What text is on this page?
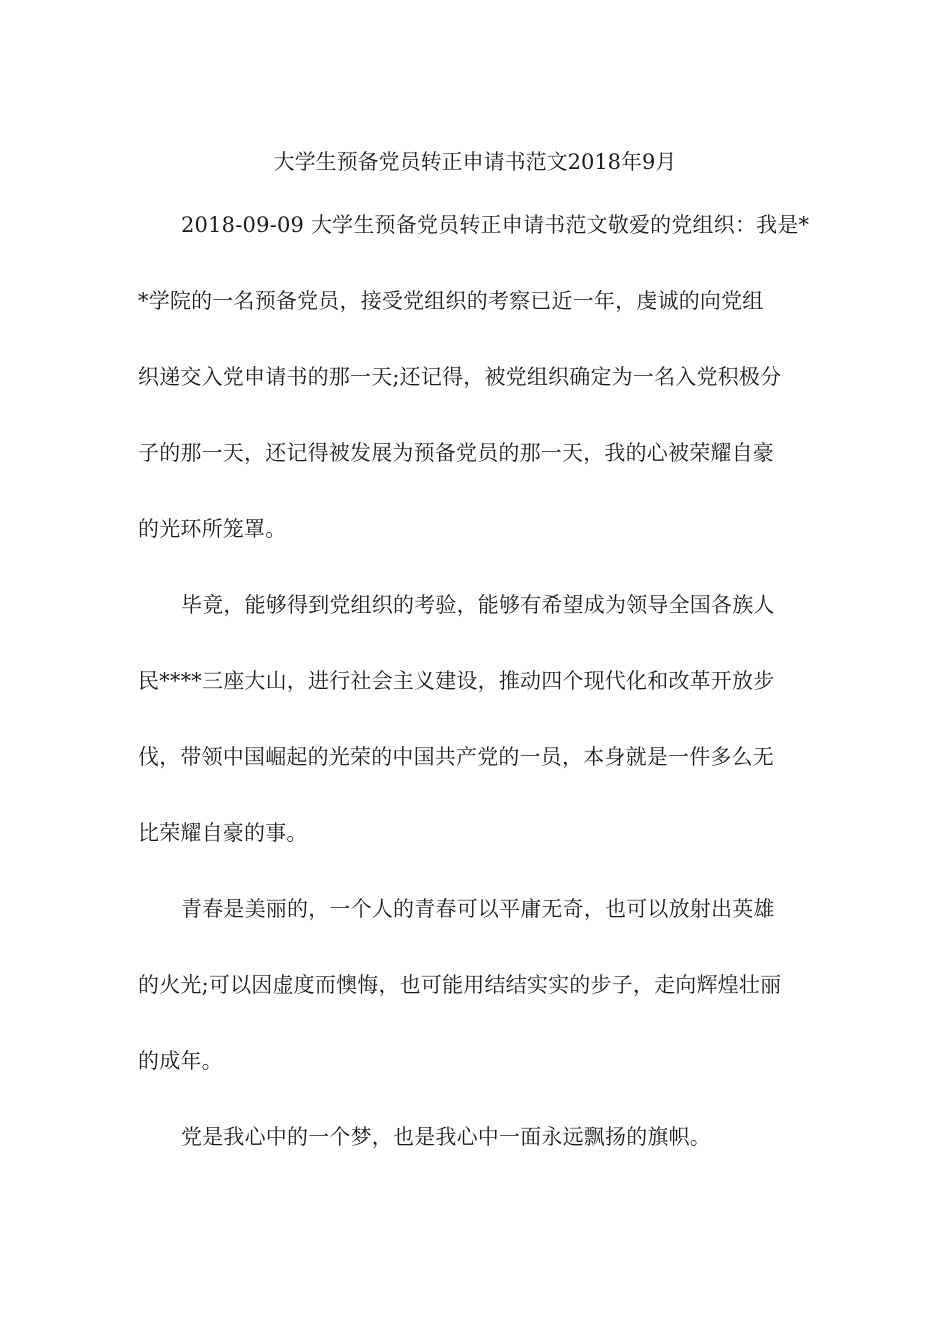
大学生预备党员转正申请书范文2018年9月
2018-09-09 大学生预备党员转正申请书范文敬爱的党组织：我是*
*学院的一名预备党员，接受党组织的考察已近一年，虔诚的向党组
织递交入党申请书的那一天;还记得，被党组织确定为一名入党积极分
子的那一天，还记得被发展为预备党员的那一天，我的心被荣耀自豪
的光环所笼罩。
毕竟，能够得到党组织的考验，能够有希望成为领导全国各族人
民****三座大山，进行社会主义建设，推动四个现代化和改革开放步
伐，带领中国崛起的光荣的中国共产党的一员，本身就是一件多么无
比荣耀自豪的事。
青春是美丽的，一个人的青春可以平庸无奇，也可以放射出英雄
的火光;可以因虚度而懊悔，也可能用结结实实的步子，走向辉煌壮丽
的成年。
党是我心中的一个梦，也是我心中一面永远飘扬的旗帜。
